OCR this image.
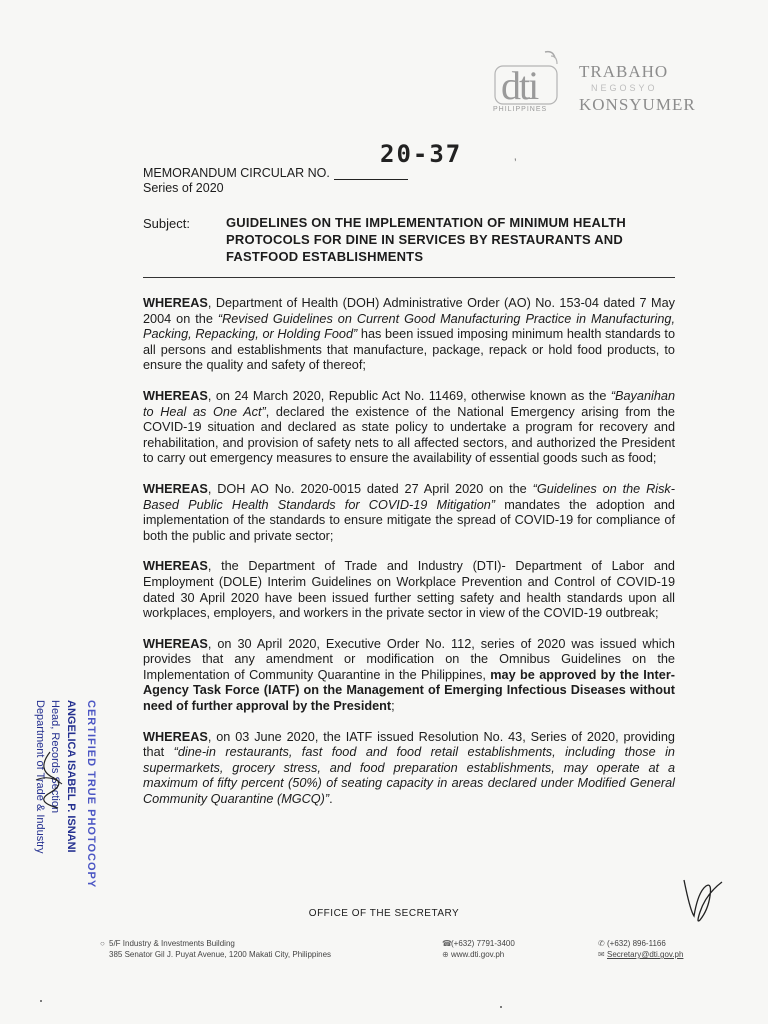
dti
PHILIPPINES
TRABAHO
NEGOSYO
KONSYUMER
20-37	’
MEMORANDUM CIRCULAR NO.
Series of 2020
Subject:	GUIDELINES ON THE IMPLEMENTATION OF MINIMUM HEALTH PROTOCOLS FOR DINE IN SERVICES BY RESTAURANTS AND FASTFOOD ESTABLISHMENTS

WHEREAS, Department of Health (DOH) Administrative Order (AO) No. 153-04 dated 7 May 2004 on the “Revised Guidelines on Current Good Manufacturing Practice in Manufacturing, Packing, Repacking, or Holding Food” has been issued imposing minimum health standards to all persons and establishments that manufacture, package, repack or hold food products, to ensure the quality and safety of thereof;

WHEREAS, on 24 March 2020, Republic Act No. 11469, otherwise known as the “Bayanihan to Heal as One Act”, declared the existence of the National Emergency arising from the COVID-19 situation and declared as state policy to undertake a program for recovery and rehabilitation, and provision of safety nets to all affected sectors, and authorized the President to carry out emergency measures to ensure the availability of essential goods such as food;

WHEREAS, DOH AO No. 2020-0015 dated 27 April 2020 on the “Guidelines on the Risk-Based Public Health Standards for COVID-19 Mitigation” mandates the adoption and implementation of the standards to ensure mitigate the spread of COVID-19 for compliance of both the public and private sector;

WHEREAS, the Department of Trade and Industry (DTI)- Department of Labor and Employment (DOLE) Interim Guidelines on Workplace Prevention and Control of COVID-19 dated 30 April 2020 have been issued further setting safety and health standards upon all workplaces, employers, and workers in the private sector in view of the COVID-19 outbreak;

WHEREAS, on 30 April 2020, Executive Order No. 112, series of 2020 was issued which provides that any amendment or modification on the Omnibus Guidelines on the Implementation of Community Quarantine in the Philippines, may be approved by the Inter-Agency Task Force (IATF) on the Management of Emerging Infectious Diseases without need of further approval by the President;

WHEREAS, on 03 June 2020, the IATF issued Resolution No. 43, Series of 2020, providing that “dine-in restaurants, fast food and food retail establishments, including those in supermarkets, grocery stress, and food preparation establishments, may operate at a maximum of fifty percent (50%) of seating capacity in areas declared under Modified General Community Quarantine (MGCQ)”.

CERTIFIED TRUE PHOTOCOPY
ANGELICA ISABEL P. ISNANI
Head, Records Section
Department of Trade & Industry
OFFICE OF THE SECRETARY
○ 5/F Industry & Investments Building
385 Senator Gil J. Puyat Avenue, 1200 Makati City, Philippines
☎(+632) 7791-3400
⊕ www.dti.gov.ph
✆ (+632) 896-1166
✉ Secretary@dti.gov.ph
